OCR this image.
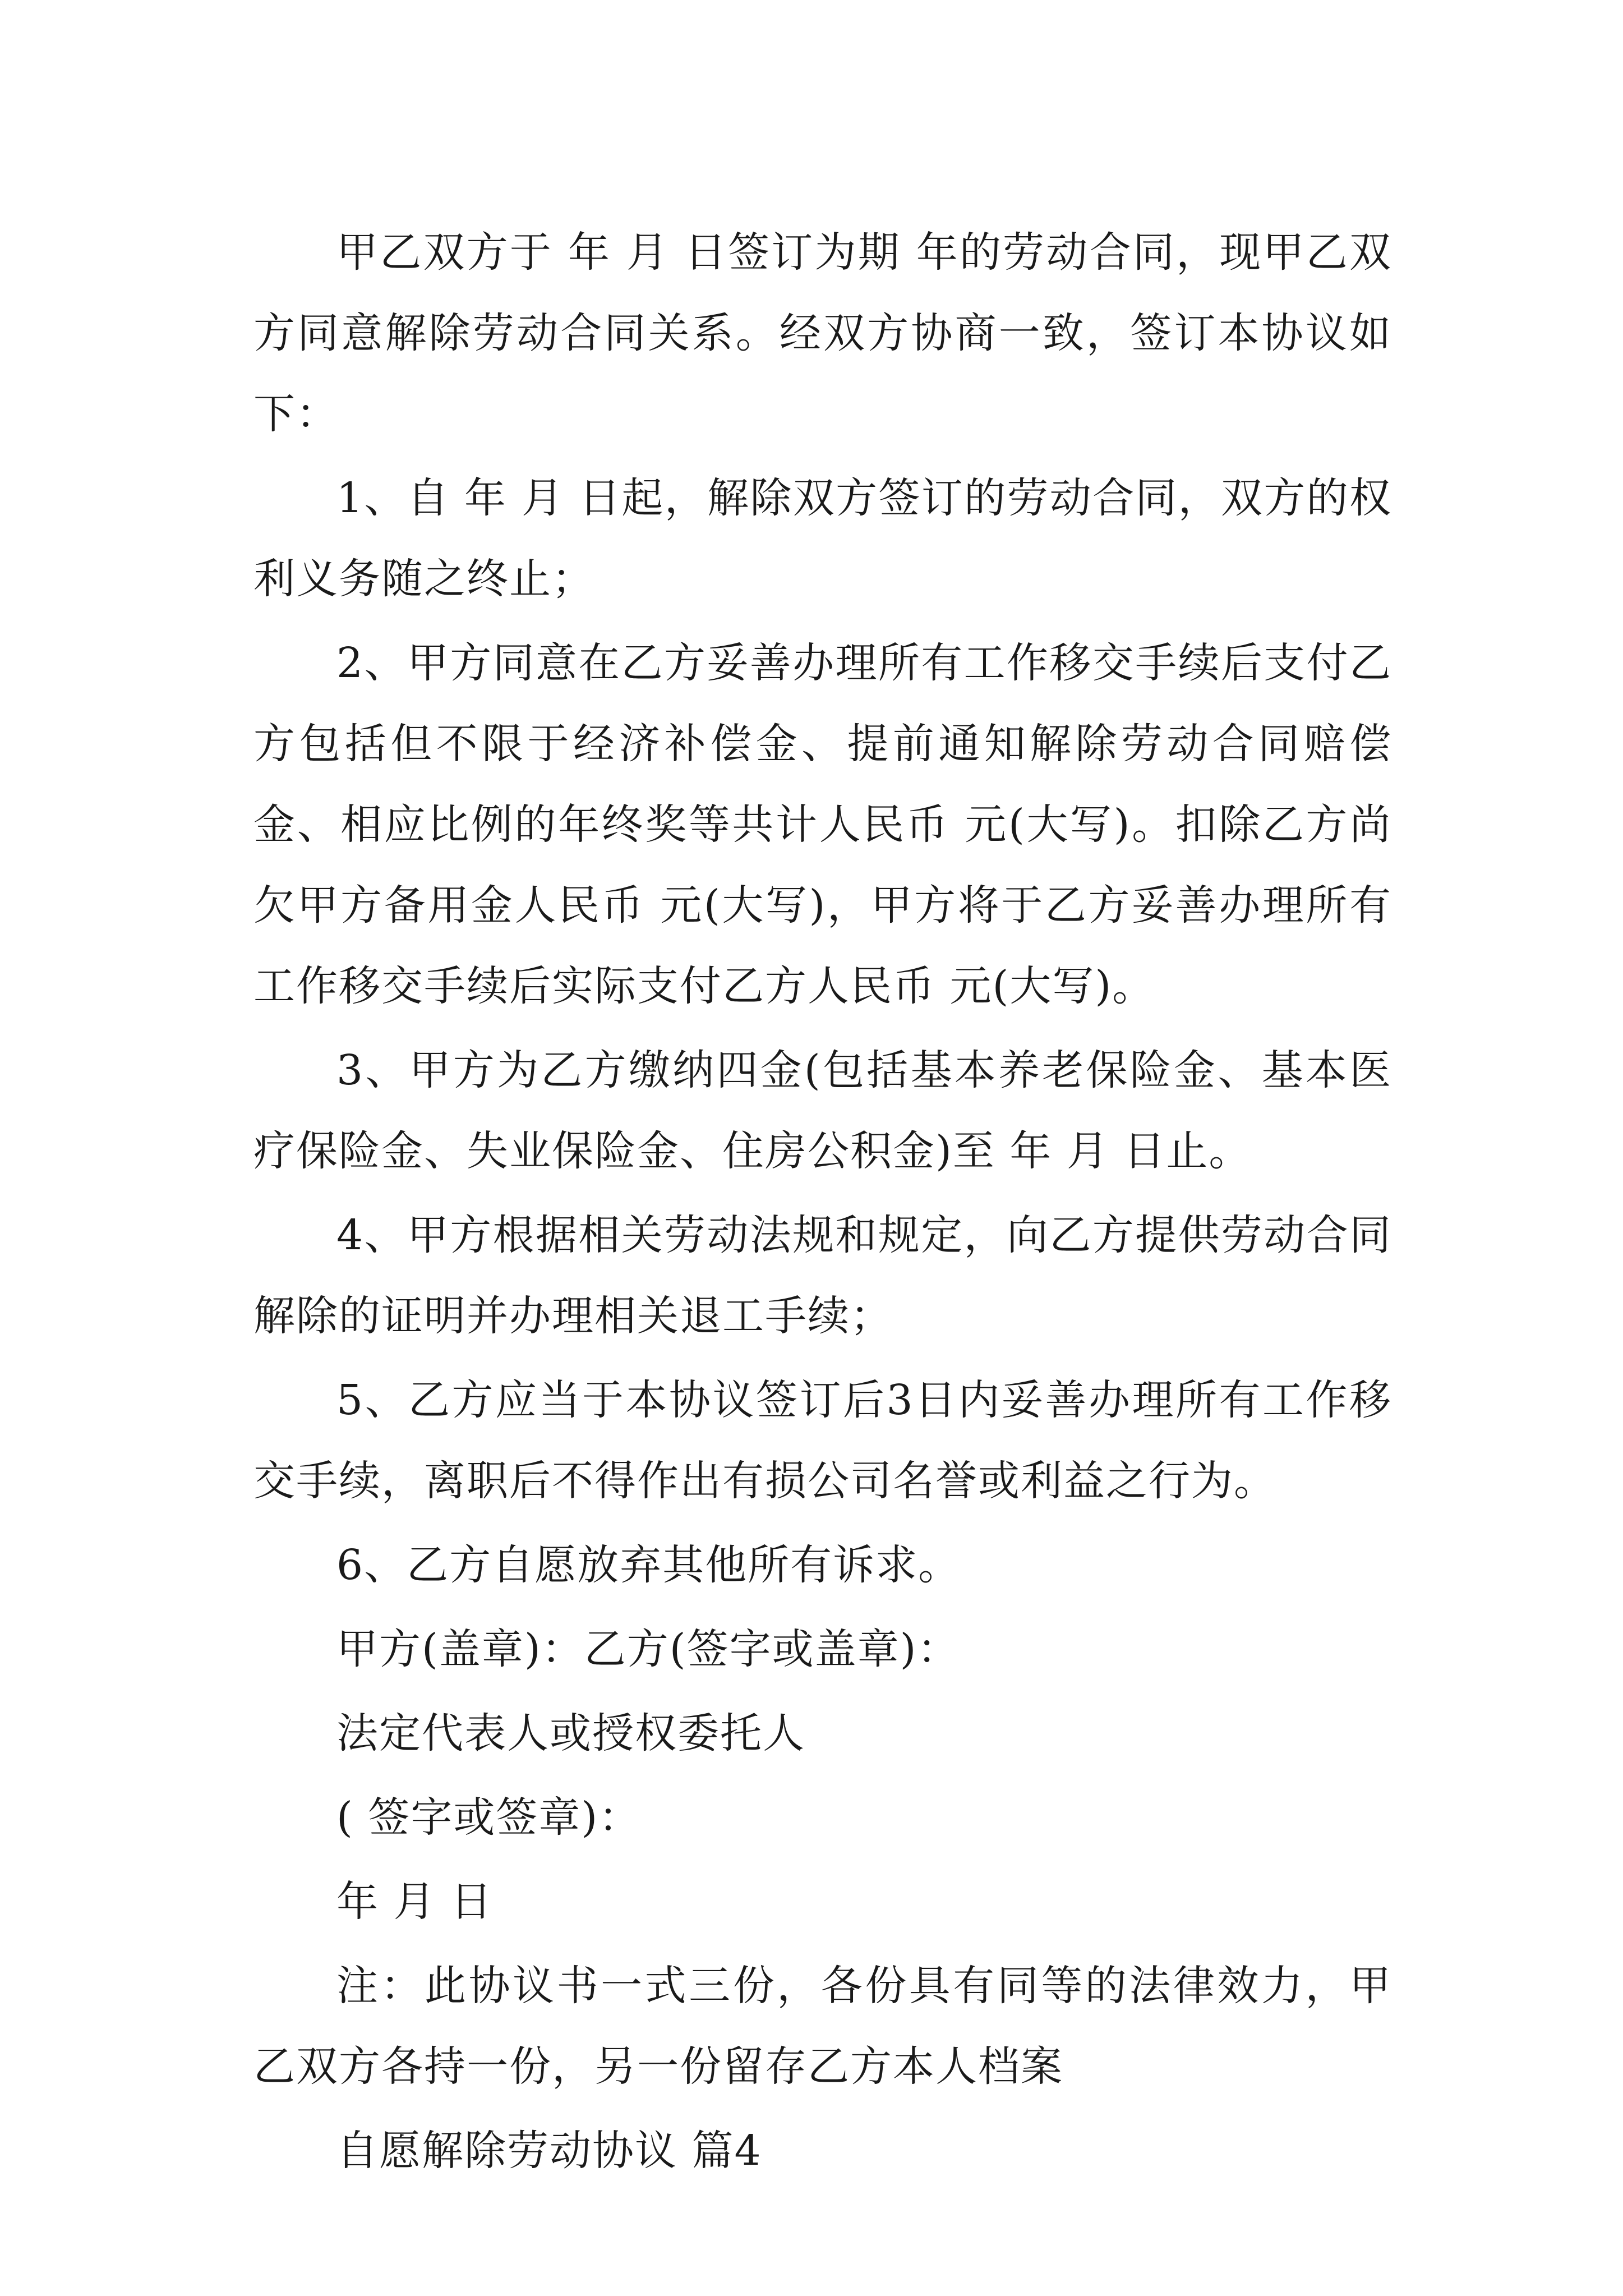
甲乙双方于 年 月 日签订为期 年的劳动合同，现甲乙双方同意解除劳动合同关系。经双方协商一致，签订本协议如下：

1、自 年 月 日起，解除双方签订的劳动合同，双方的权利义务随之终止；

2、甲方同意在乙方妥善办理所有工作移交手续后支付乙方包括但不限于经济补偿金、提前通知解除劳动合同赔偿金、相应比例的年终奖等共计人民币 元(大写)。扣除乙方尚欠甲方备用金人民币 元(大写)，甲方将于乙方妥善办理所有工作移交手续后实际支付乙方人民币 元(大写)。

3、甲方为乙方缴纳四金(包括基本养老保险金、基本医疗保险金、失业保险金、住房公积金)至 年 月 日止。

4、甲方根据相关劳动法规和规定，向乙方提供劳动合同解除的证明并办理相关退工手续；

5、乙方应当于本协议签订后3日内妥善办理所有工作移交手续，离职后不得作出有损公司名誉或利益之行为。

6、乙方自愿放弃其他所有诉求。

甲方(盖章)：乙方(签字或盖章)：

法定代表人或授权委托人

( 签字或签章)：

年 月 日

注：此协议书一式三份，各份具有同等的法律效力，甲乙双方各持一份，另一份留存乙方本人档案

自愿解除劳动协议 篇4
